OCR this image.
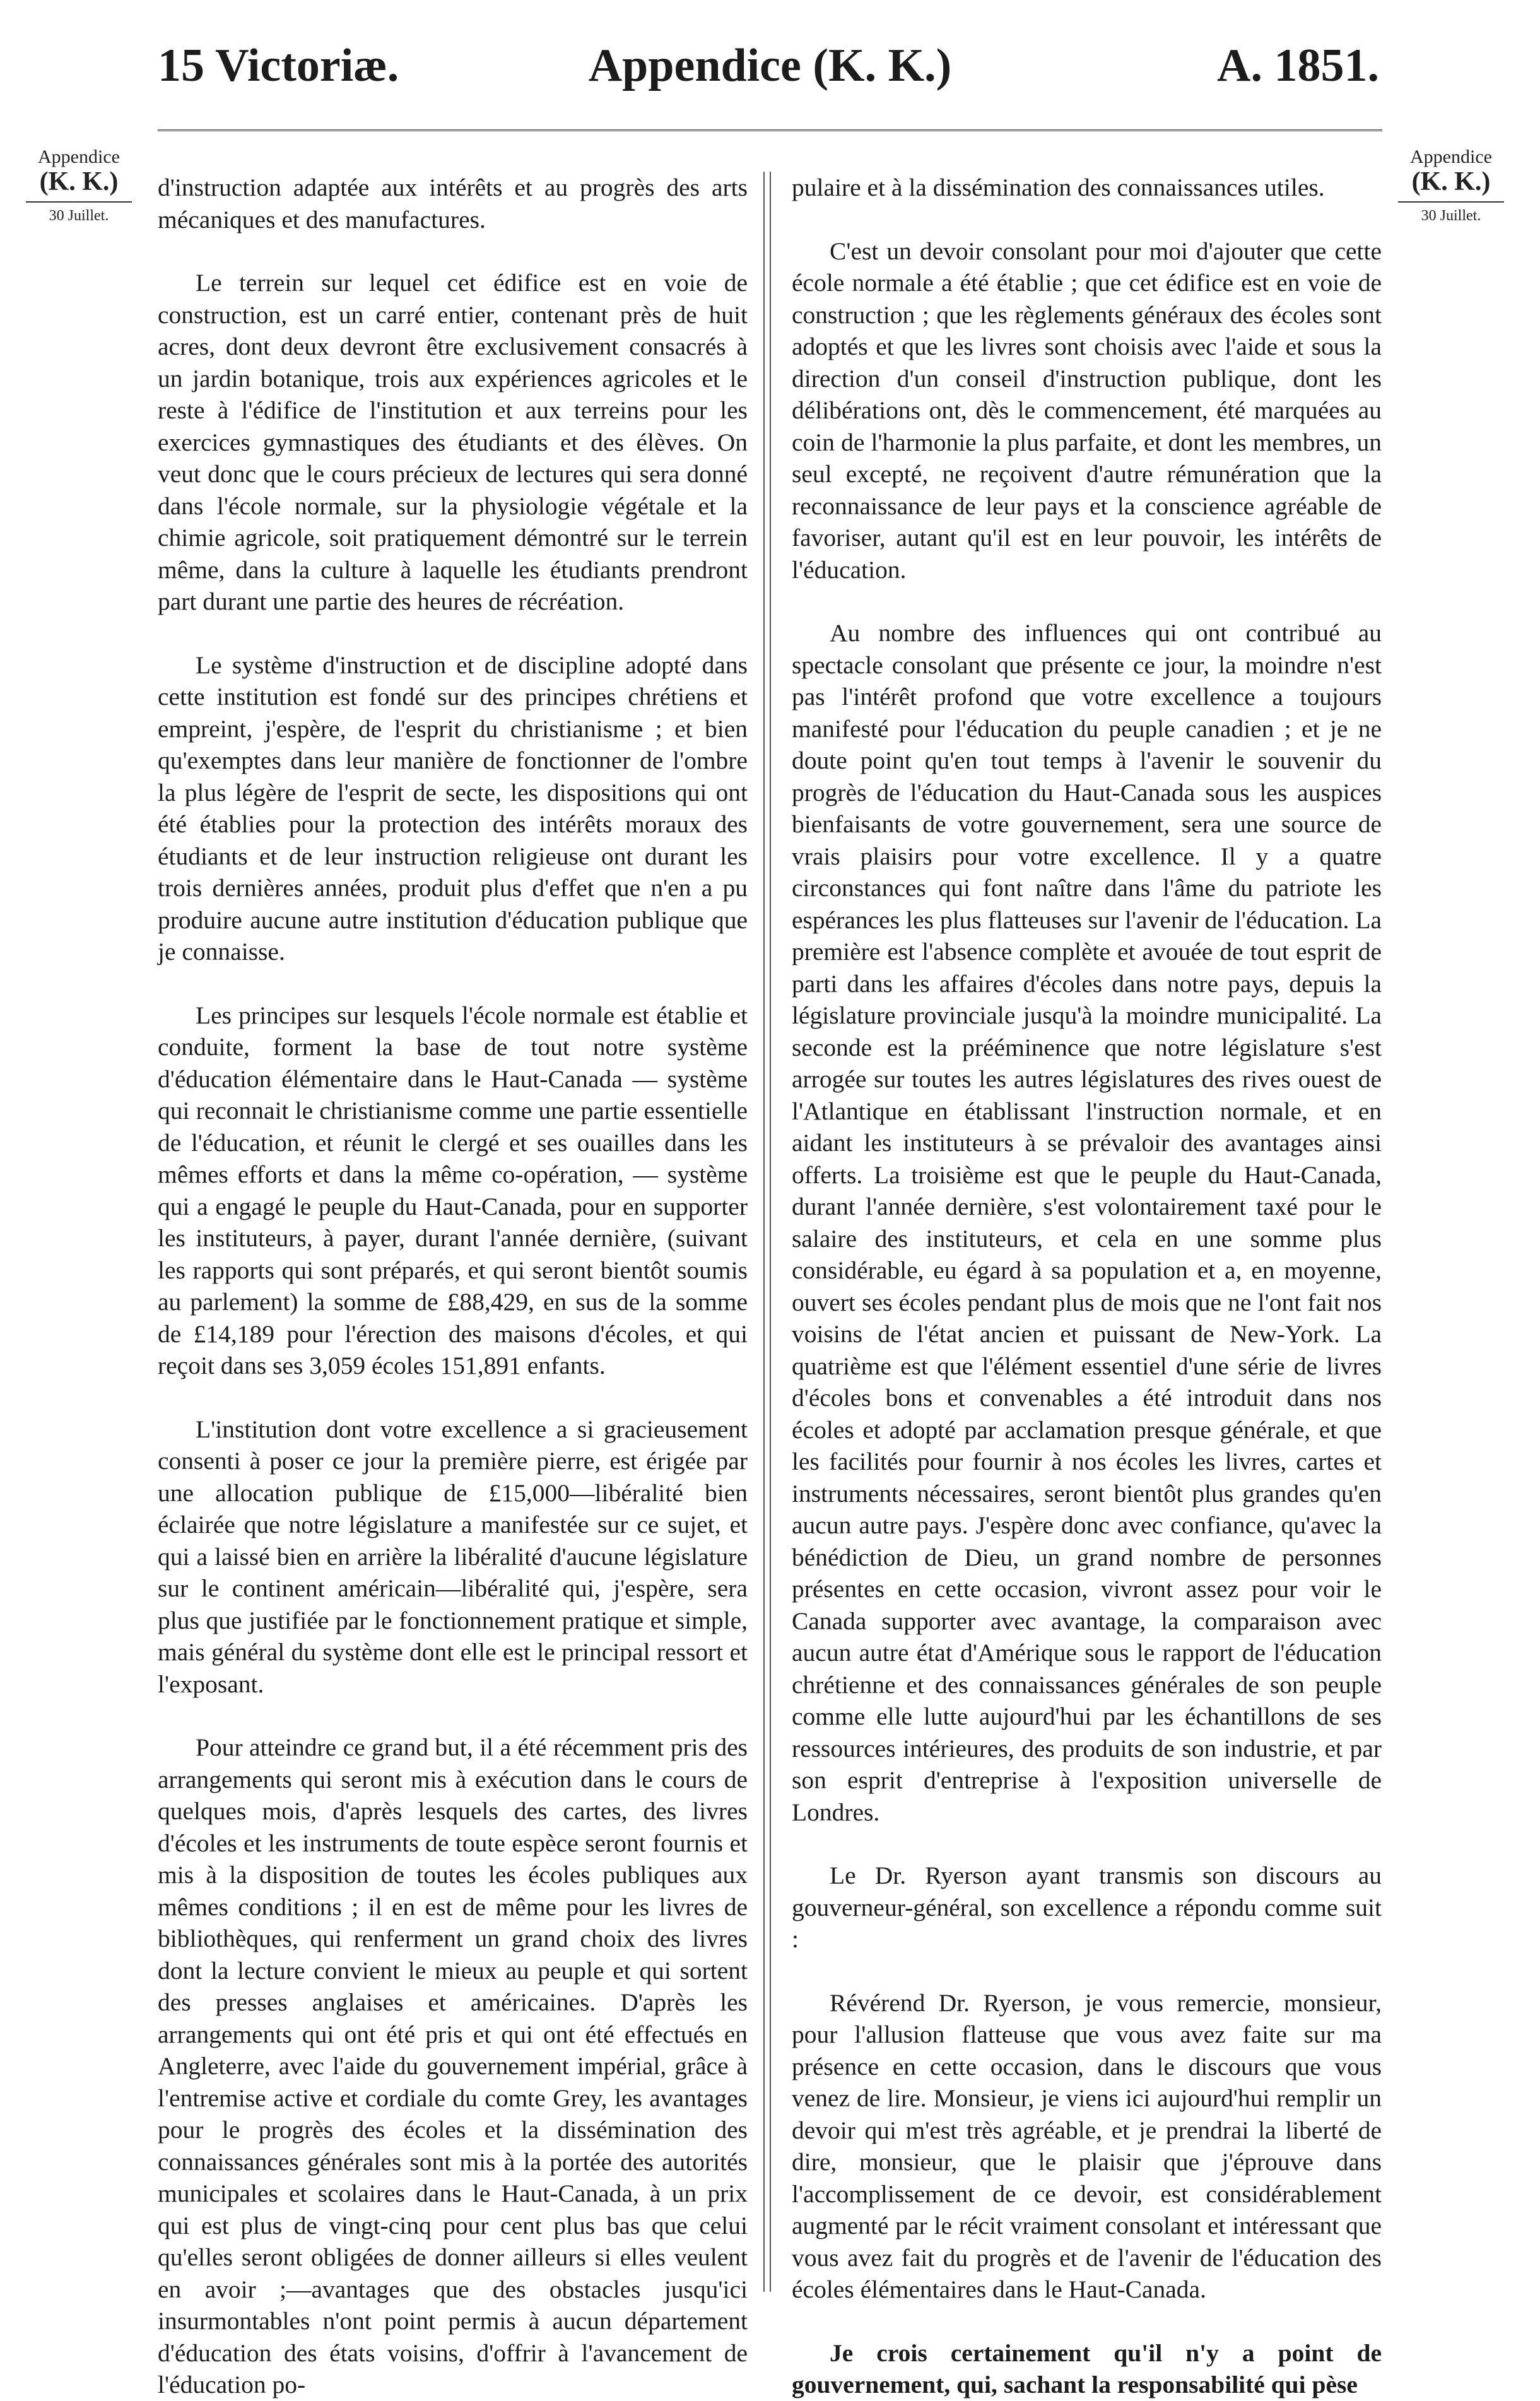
15 Victoriæ.	Appendice (K. K.)	A. 1851.
Appendice
(K. K.)
30 Juillet.
Appendice
(K. K.)
30 Juillet.

d'instruction adaptée aux intérêts et au progrès des arts mécaniques et des manufactures.

Le terrein sur lequel cet édifice est en voie de construction, est un carré entier, contenant près de huit acres, dont deux devront être exclusivement consacrés à un jardin botanique, trois aux expériences agricoles et le reste à l'édifice de l'institution et aux terreins pour les exercices gymnastiques des étudiants et des élèves. On veut donc que le cours précieux de lectures qui sera donné dans l'école normale, sur la physiologie végétale et la chimie agricole, soit pratiquement démontré sur le terrein même, dans la culture à laquelle les étudiants prendront part durant une partie des heures de récréation.

Le système d'instruction et de discipline adopté dans cette institution est fondé sur des principes chrétiens et empreint, j'espère, de l'esprit du christianisme ; et bien qu'exemptes dans leur manière de fonctionner de l'ombre la plus légère de l'esprit de secte, les dispositions qui ont été établies pour la protection des intérêts moraux des étudiants et de leur instruction religieuse ont durant les trois dernières années, produit plus d'effet que n'en a pu produire aucune autre institution d'éducation publique que je connaisse.

Les principes sur lesquels l'école normale est établie et conduite, forment la base de tout notre système d'éducation élémentaire dans le Haut-Canada — système qui reconnait le christianisme comme une partie essentielle de l'éducation, et réunit le clergé et ses ouailles dans les mêmes efforts et dans la même co-opération, — système qui a engagé le peuple du Haut-Canada, pour en supporter les instituteurs, à payer, durant l'année dernière, (suivant les rapports qui sont préparés, et qui seront bientôt soumis au parlement) la somme de £88,429, en sus de la somme de £14,189 pour l'érection des maisons d'écoles, et qui reçoit dans ses 3,059 écoles 151,891 enfants.

L'institution dont votre excellence a si gracieusement consenti à poser ce jour la première pierre, est érigée par une allocation publique de £15,000—libéralité bien éclairée que notre législature a manifestée sur ce sujet, et qui a laissé bien en arrière la libéralité d'aucune législature sur le continent américain—libéralité qui, j'espère, sera plus que justifiée par le fonctionnement pratique et simple, mais général du système dont elle est le principal ressort et l'exposant.

Pour atteindre ce grand but, il a été récemment pris des arrangements qui seront mis à exécution dans le cours de quelques mois, d'après lesquels des cartes, des livres d'écoles et les instruments de toute espèce seront fournis et mis à la disposition de toutes les écoles publiques aux mêmes conditions ; il en est de même pour les livres de bibliothèques, qui renferment un grand choix des livres dont la lecture convient le mieux au peuple et qui sortent des presses anglaises et américaines. D'après les arrangements qui ont été pris et qui ont été effectués en Angleterre, avec l'aide du gouvernement impérial, grâce à l'entremise active et cordiale du comte Grey, les avantages pour le progrès des écoles et la dissémination des connaissances générales sont mis à la portée des autorités municipales et scolaires dans le Haut-Canada, à un prix qui est plus de vingt-cinq pour cent plus bas que celui qu'elles seront obligées de donner ailleurs si elles veulent en avoir ;—avantages que des obstacles jusqu'ici insurmontables n'ont point permis à aucun département d'éducation des états voisins, d'offrir à l'avancement de l'éducation po-

pulaire et à la dissémination des connaissances utiles.

C'est un devoir consolant pour moi d'ajouter que cette école normale a été établie ; que cet édifice est en voie de construction ; que les règlements généraux des écoles sont adoptés et que les livres sont choisis avec l'aide et sous la direction d'un conseil d'instruction publique, dont les délibérations ont, dès le commencement, été marquées au coin de l'harmonie la plus parfaite, et dont les membres, un seul excepté, ne reçoivent d'autre rémunération que la reconnaissance de leur pays et la conscience agréable de favoriser, autant qu'il est en leur pouvoir, les intérêts de l'éducation.

Au nombre des influences qui ont contribué au spectacle consolant que présente ce jour, la moindre n'est pas l'intérêt profond que votre excellence a toujours manifesté pour l'éducation du peuple canadien ; et je ne doute point qu'en tout temps à l'avenir le souvenir du progrès de l'éducation du Haut-Canada sous les auspices bienfaisants de votre gouvernement, sera une source de vrais plaisirs pour votre excellence. Il y a quatre circonstances qui font naître dans l'âme du patriote les espérances les plus flatteuses sur l'avenir de l'éducation. La première est l'absence complète et avouée de tout esprit de parti dans les affaires d'écoles dans notre pays, depuis la législature provinciale jusqu'à la moindre municipalité. La seconde est la prééminence que notre législature s'est arrogée sur toutes les autres législatures des rives ouest de l'Atlantique en établissant l'instruction normale, et en aidant les instituteurs à se prévaloir des avantages ainsi offerts. La troisième est que le peuple du Haut-Canada, durant l'année dernière, s'est volontairement taxé pour le salaire des instituteurs, et cela en une somme plus considérable, eu égard à sa population et a, en moyenne, ouvert ses écoles pendant plus de mois que ne l'ont fait nos voisins de l'état ancien et puissant de New-York. La quatrième est que l'élément essentiel d'une série de livres d'écoles bons et convenables a été introduit dans nos écoles et adopté par acclamation presque générale, et que les facilités pour fournir à nos écoles les livres, cartes et instruments nécessaires, seront bientôt plus grandes qu'en aucun autre pays. J'espère donc avec confiance, qu'avec la bénédiction de Dieu, un grand nombre de personnes présentes en cette occasion, vivront assez pour voir le Canada supporter avec avantage, la comparaison avec aucun autre état d'Amérique sous le rapport de l'éducation chrétienne et des connaissances générales de son peuple comme elle lutte aujourd'hui par les échantillons de ses ressources intérieures, des produits de son industrie, et par son esprit d'entreprise à l'exposition universelle de Londres.

Le Dr. Ryerson ayant transmis son discours au gouverneur-général, son excellence a répondu comme suit :

Révérend Dr. Ryerson, je vous remercie, monsieur, pour l'allusion flatteuse que vous avez faite sur ma présence en cette occasion, dans le discours que vous venez de lire. Monsieur, je viens ici aujourd'hui remplir un devoir qui m'est très agréable, et je prendrai la liberté de dire, monsieur, que le plaisir que j'éprouve dans l'accomplissement de ce devoir, est considérablement augmenté par le récit vraiment consolant et intéressant que vous avez fait du progrès et de l'avenir de l'éducation des écoles élémentaires dans le Haut-Canada.

Je crois certainement qu'il n'y a point de gouvernement, qui, sachant la responsabilité qui pèse
